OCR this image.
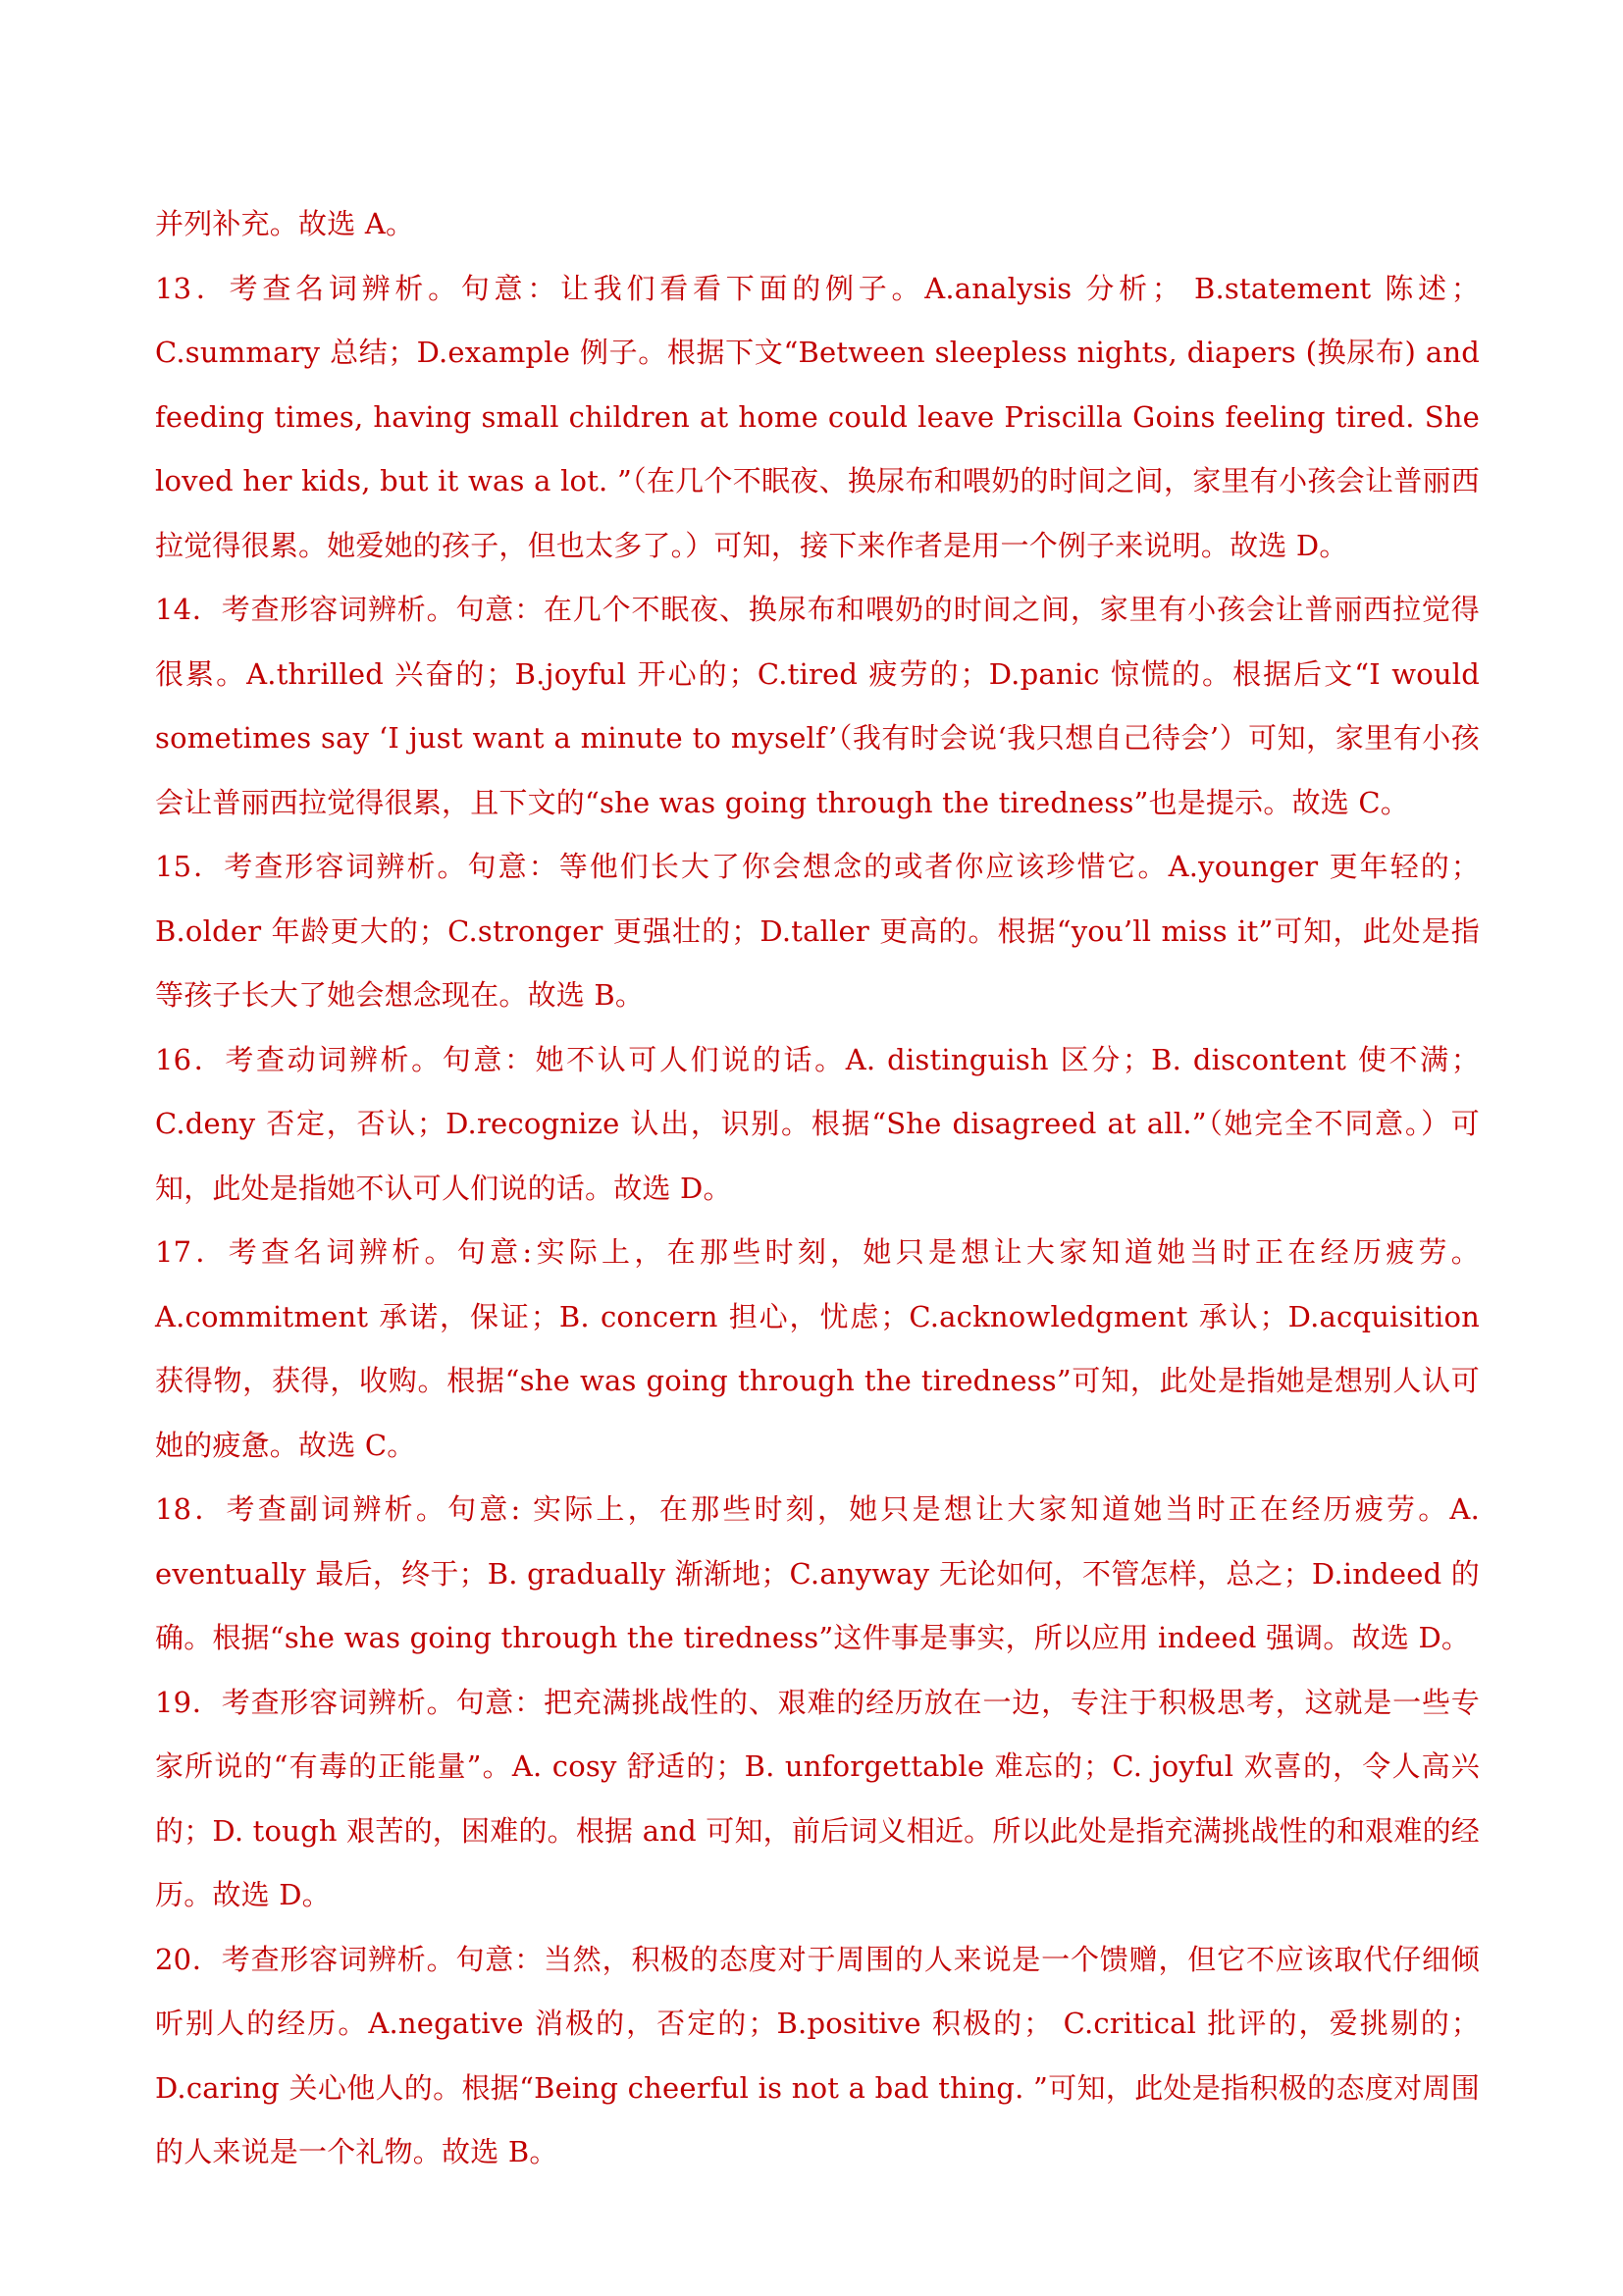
并列补充。故选 A。

13．考查名词辨析。句意：让我们看看下面的例子。A.analysis 分析； B.statement 陈述；C.summary 总结；D.example 例子。根据下文“Between sleepless nights, diapers (换尿布) and feeding times, having small children at home could leave Priscilla Goins feeling tired. She loved her kids, but it was a lot. ”（在几个不眠夜、换尿布和喂奶的时间之间，家里有小孩会让普丽西拉觉得很累。她爱她的孩子，但也太多了。）可知，接下来作者是用一个例子来说明。故选 D。

14．考查形容词辨析。句意：在几个不眠夜、换尿布和喂奶的时间之间，家里有小孩会让普丽西拉觉得很累。A.thrilled 兴奋的；B.joyful 开心的；C.tired 疲劳的；D.panic 惊慌的。根据后文“I would sometimes say ‘I just want a minute to myself’（我有时会说‘我只想自己待会’）可知，家里有小孩会让普丽西拉觉得很累，且下文的“she was going through the tiredness”也是提示。故选 C。

15．考查形容词辨析。句意：等他们长大了你会想念的或者你应该珍惜它。A.younger 更年轻的；B.older 年龄更大的；C.stronger 更强壮的；D.taller 更高的。根据“you’ll miss it”可知，此处是指等孩子长大了她会想念现在。故选 B。

16．考查动词辨析。句意：她不认可人们说的话。A. distinguish 区分；B. discontent 使不满； C.deny 否定，否认；D.recognize 认出，识别。根据“She disagreed at all.”（她完全不同意。）可知，此处是指她不认可人们说的话。故选 D。

17．考查名词辨析。句意:实际上，在那些时刻，她只是想让大家知道她当时正在经历疲劳。A.commitment 承诺，保证；B. concern 担心，忧虑；C.acknowledgment 承认；D.acquisition 获得物，获得，收购。根据“she was going through the tiredness”可知，此处是指她是想别人认可她的疲惫。故选 C。

18．考查副词辨析。句意: 实际上，在那些时刻，她只是想让大家知道她当时正在经历疲劳。A. eventually 最后，终于；B. gradually 渐渐地；C.anyway 无论如何，不管怎样，总之；D.indeed 的确。根据“she was going through the tiredness”这件事是事实，所以应用 indeed 强调。故选 D。

19．考查形容词辨析。句意：把充满挑战性的、艰难的经历放在一边，专注于积极思考，这就是一些专家所说的“有毒的正能量”。A. cosy 舒适的；B. unforgettable 难忘的；C. joyful 欢喜的，令人高兴的；D. tough 艰苦的，困难的。根据 and 可知，前后词义相近。所以此处是指充满挑战性的和艰难的经历。故选 D。

20．考查形容词辨析。句意：当然，积极的态度对于周围的人来说是一个馈赠，但它不应该取代仔细倾听别人的经历。A.negative 消极的，否定的；B.positive 积极的； C.critical 批评的，爱挑剔的；D.caring 关心他人的。根据“Being cheerful is not a bad thing. ”可知，此处是指积极的态度对周围的人来说是一个礼物。故选 B。
